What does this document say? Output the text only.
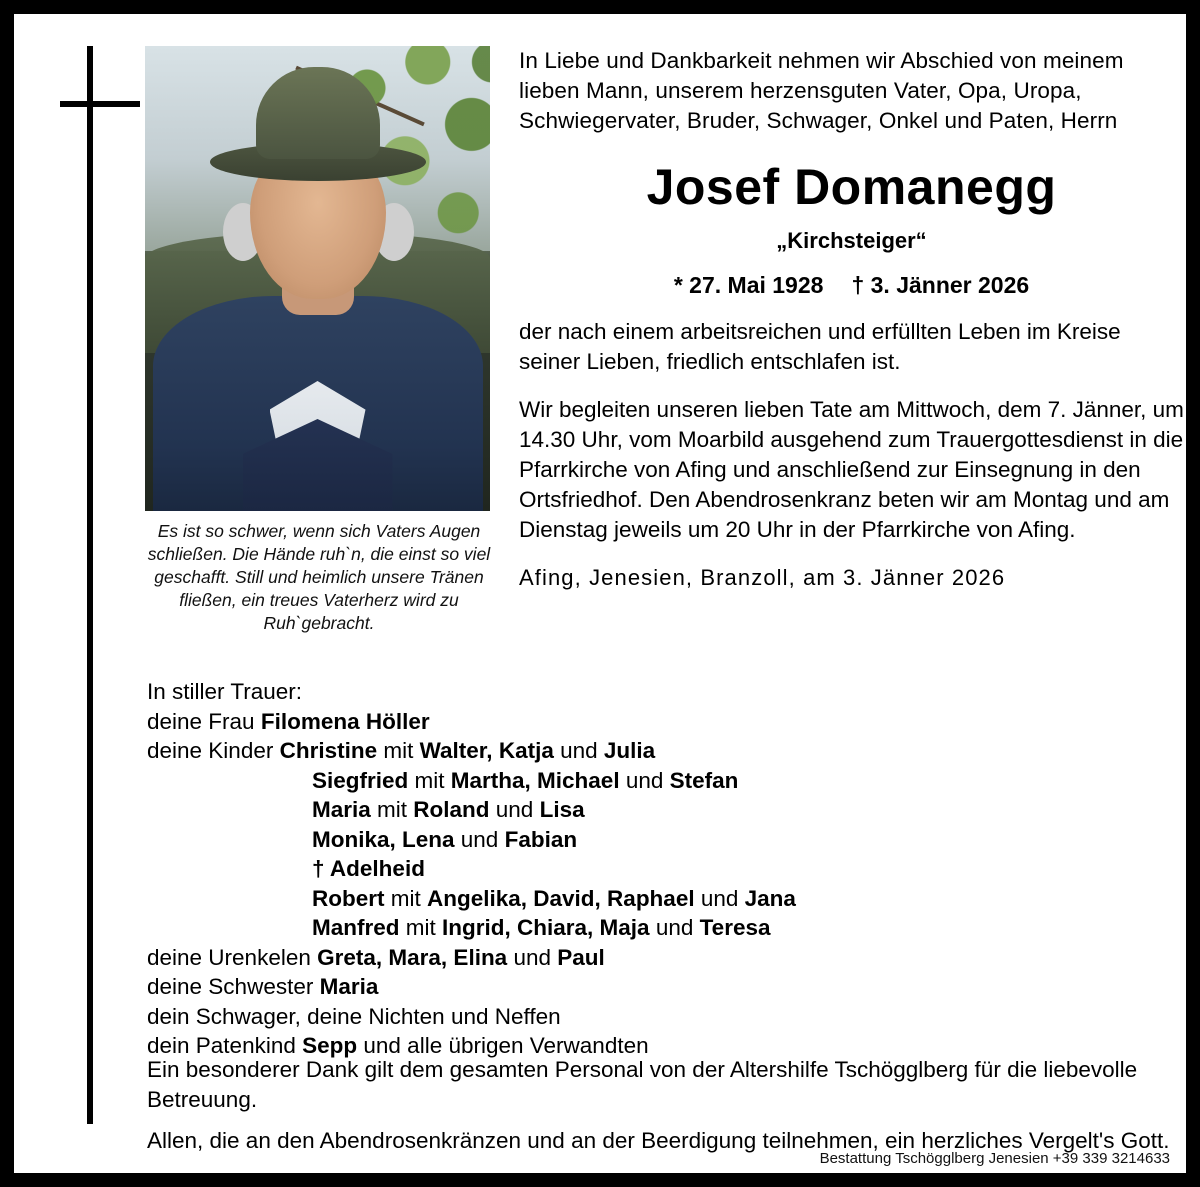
Es ist so schwer, wenn sich Vaters Augen schließen. Die Hände ruh`n, die einst so viel geschafft. Still und heimlich unsere Tränen fließen, ein treues Vaterherz wird zu Ruh`gebracht.
In Liebe und Dankbarkeit nehmen wir Abschied von meinem lieben Mann, unserem herzensguten Vater, Opa, Uropa, Schwiegervater, Bruder, Schwager, Onkel und Paten, Herrn
Josef Domanegg
„Kirchsteiger“
* 27. Mai 1928 † 3. Jänner 2026
der nach einem arbeitsreichen und erfüllten Leben im Kreise seiner Lieben, friedlich entschlafen ist.
Wir begleiten unseren lieben Tate am Mittwoch, dem 7. Jänner, um 14.30 Uhr, vom Moarbild ausgehend zum Trauergottesdienst in die Pfarrkirche von Afing und anschließend zur Einsegnung in den Ortsfriedhof. Den Abendrosenkranz beten wir am Montag und am Dienstag jeweils um 20 Uhr in der Pfarrkirche von Afing.
Afing, Jenesien, Branzoll, am 3. Jänner 2026
In stiller Trauer:
deine Frau Filomena Höller
deine Kinder Christine mit Walter, Katja und Julia
Siegfried mit Martha, Michael und Stefan
Maria mit Roland und Lisa
Monika, Lena und Fabian
† Adelheid
Robert mit Angelika, David, Raphael und Jana
Manfred mit Ingrid, Chiara, Maja und Teresa
deine Urenkelen Greta, Mara, Elina und Paul
deine Schwester Maria
dein Schwager, deine Nichten und Neffen
dein Patenkind Sepp und alle übrigen Verwandten

Ein besonderer Dank gilt dem gesamten Personal von der Altershilfe Tschögglberg für die liebevolle Betreuung.

Allen, die an den Abendrosenkränzen und an der Beerdigung teilnehmen, ein herzliches Vergelt's Gott.

Bestattung Tschögglberg Jenesien +39 339 3214633
